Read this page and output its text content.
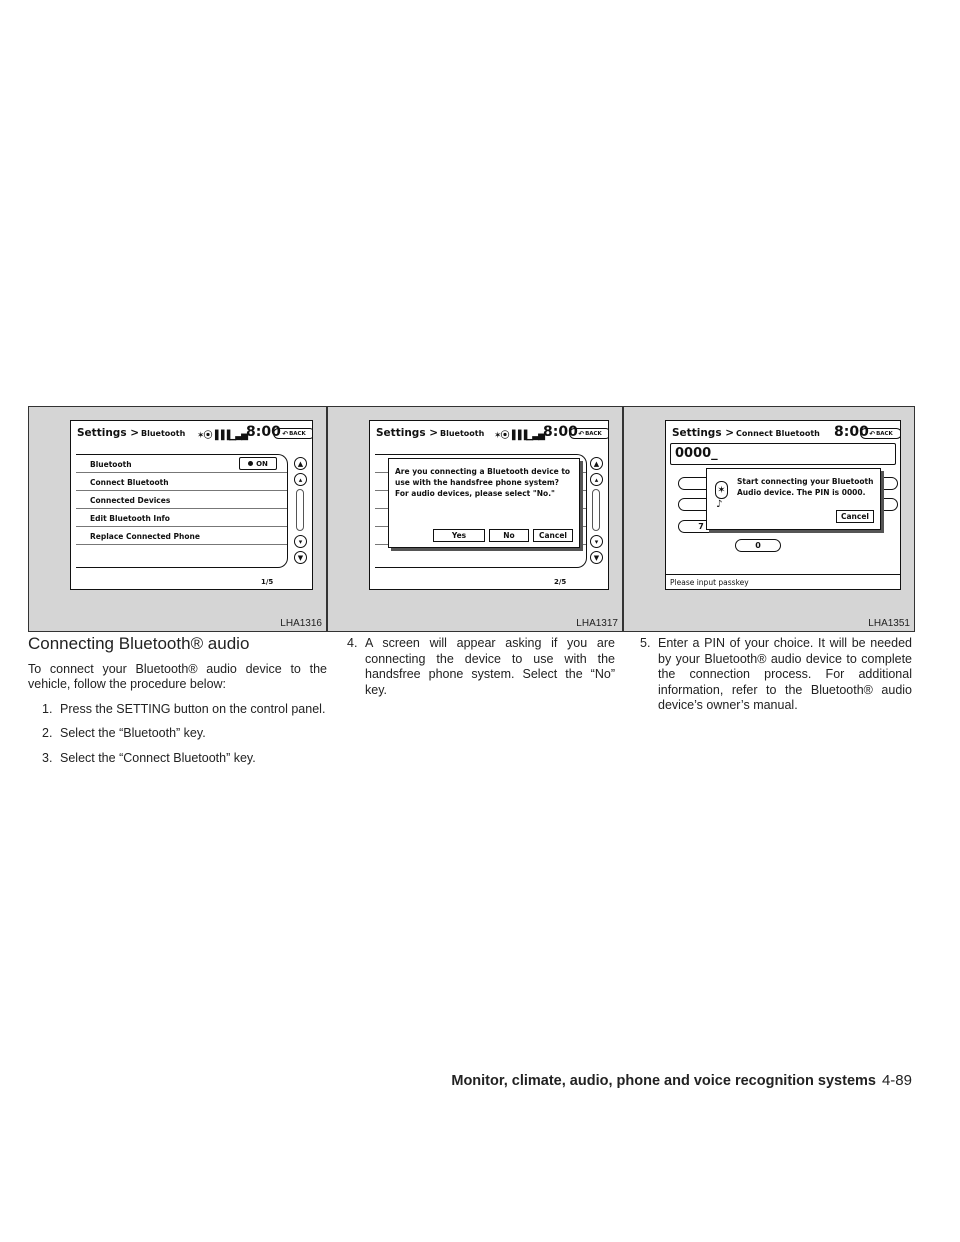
Settings > Bluetooth ✶⦿▐▐▐▁▃▅
8:00 ↶ BACK
Bluetooth	ON
Connect Bluetooth
Connected Devices
Edit Bluetooth Info
Replace Connected Phone
▲
▴
▾
▼
1/5
LHA1316
Settings > Bluetooth ✶⦿▐▐▐▁▃▅
8:00 ↶ BACK
Are you connecting a Bluetooth device to
use with the handsfree phone system?
For audio devices, please select "No."
Yes	No	Cancel
▲
▴
▾
▼
2/5
LHA1317
Settings > Connect Bluetooth 8:00 ↶ BACK
0000_
7
0
✶
♪
Start connecting your Bluetooth
Audio device. The PIN is 0000.
Cancel
Please input passkey
LHA1351
Connecting Bluetooth® audio

To connect your Bluetooth® audio device to the vehicle, follow the procedure below:

1. Press the SETTING button on the control panel.
2. Select the “Bluetooth” key.
3. Select the “Connect Bluetooth” key.
4. A screen will appear asking if you are connecting the device to use with the handsfree phone system. Select the “No” key.
5. Enter a PIN of your choice. It will be needed by your Bluetooth® audio device to complete the connection process. For additional information, refer to the Bluetooth® audio device’s owner’s manual.
Monitor, climate, audio, phone and voice recognition systems 4-89
